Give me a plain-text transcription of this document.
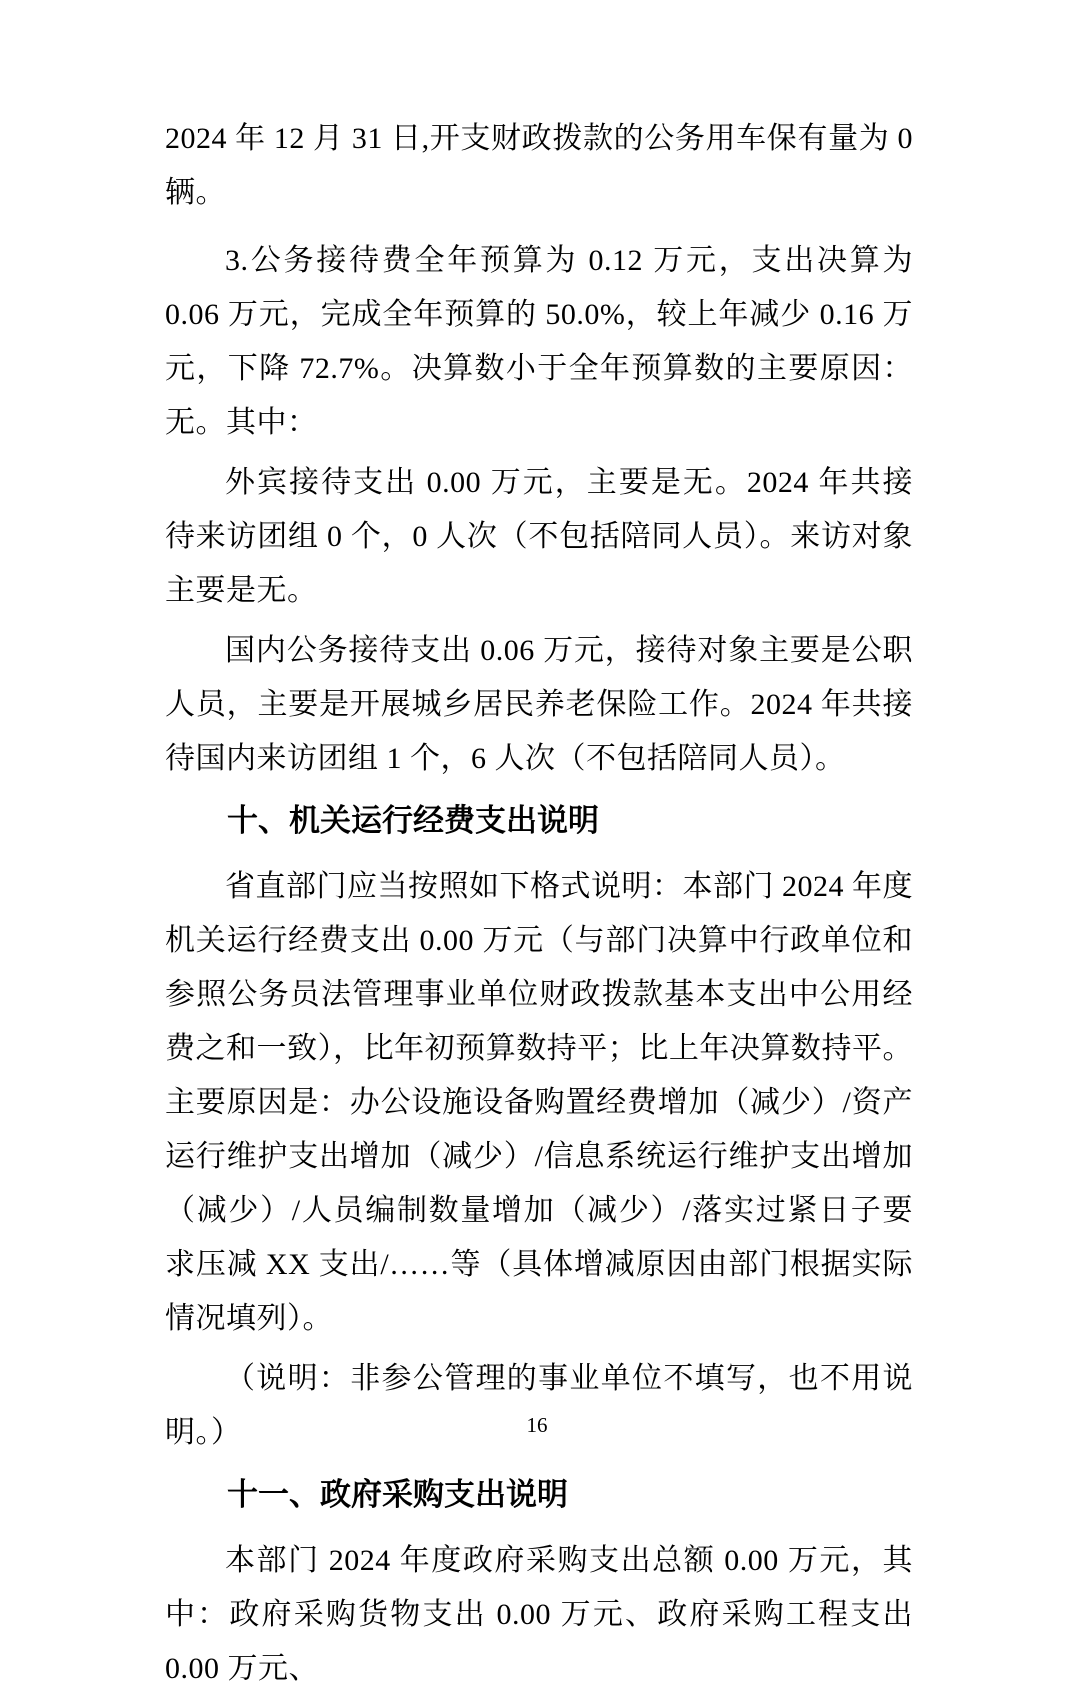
2024 年 12 月 31 日,开支财政拨款的公务用车保有量为 0 辆。

3.公务接待费全年预算为 0.12 万元，支出决算为 0.06 万元，完成全年预算的 50.0%，较上年减少 0.16 万元，下降 72.7%。决算数小于全年预算数的主要原因：无。其中：

外宾接待支出 0.00 万元，主要是无。2024 年共接待来访团组 0 个，0 人次（不包括陪同人员）。来访对象主要是无。

国内公务接待支出 0.06 万元，接待对象主要是公职人员，主要是开展城乡居民养老保险工作。2024 年共接待国内来访团组 1 个，6 人次（不包括陪同人员）。

十、机关运行经费支出说明

省直部门应当按照如下格式说明：本部门 2024 年度机关运行经费支出 0.00 万元（与部门决算中行政单位和参照公务员法管理事业单位财政拨款基本支出中公用经费之和一致），比年初预算数持平；比上年决算数持平。主要原因是：办公设施设备购置经费增加（减少）/资产运行维护支出增加（减少）/信息系统运行维护支出增加（减少）/人员编制数量增加（减少）/落实过紧日子要求压减 XX 支出/……等（具体增减原因由部门根据实际情况填列）。

（说明：非参公管理的事业单位不填写，也不用说明。）

十一、政府采购支出说明

本部门 2024 年度政府采购支出总额 0.00 万元，其中：政府采购货物支出 0.00 万元、政府采购工程支出 0.00 万元、

16
